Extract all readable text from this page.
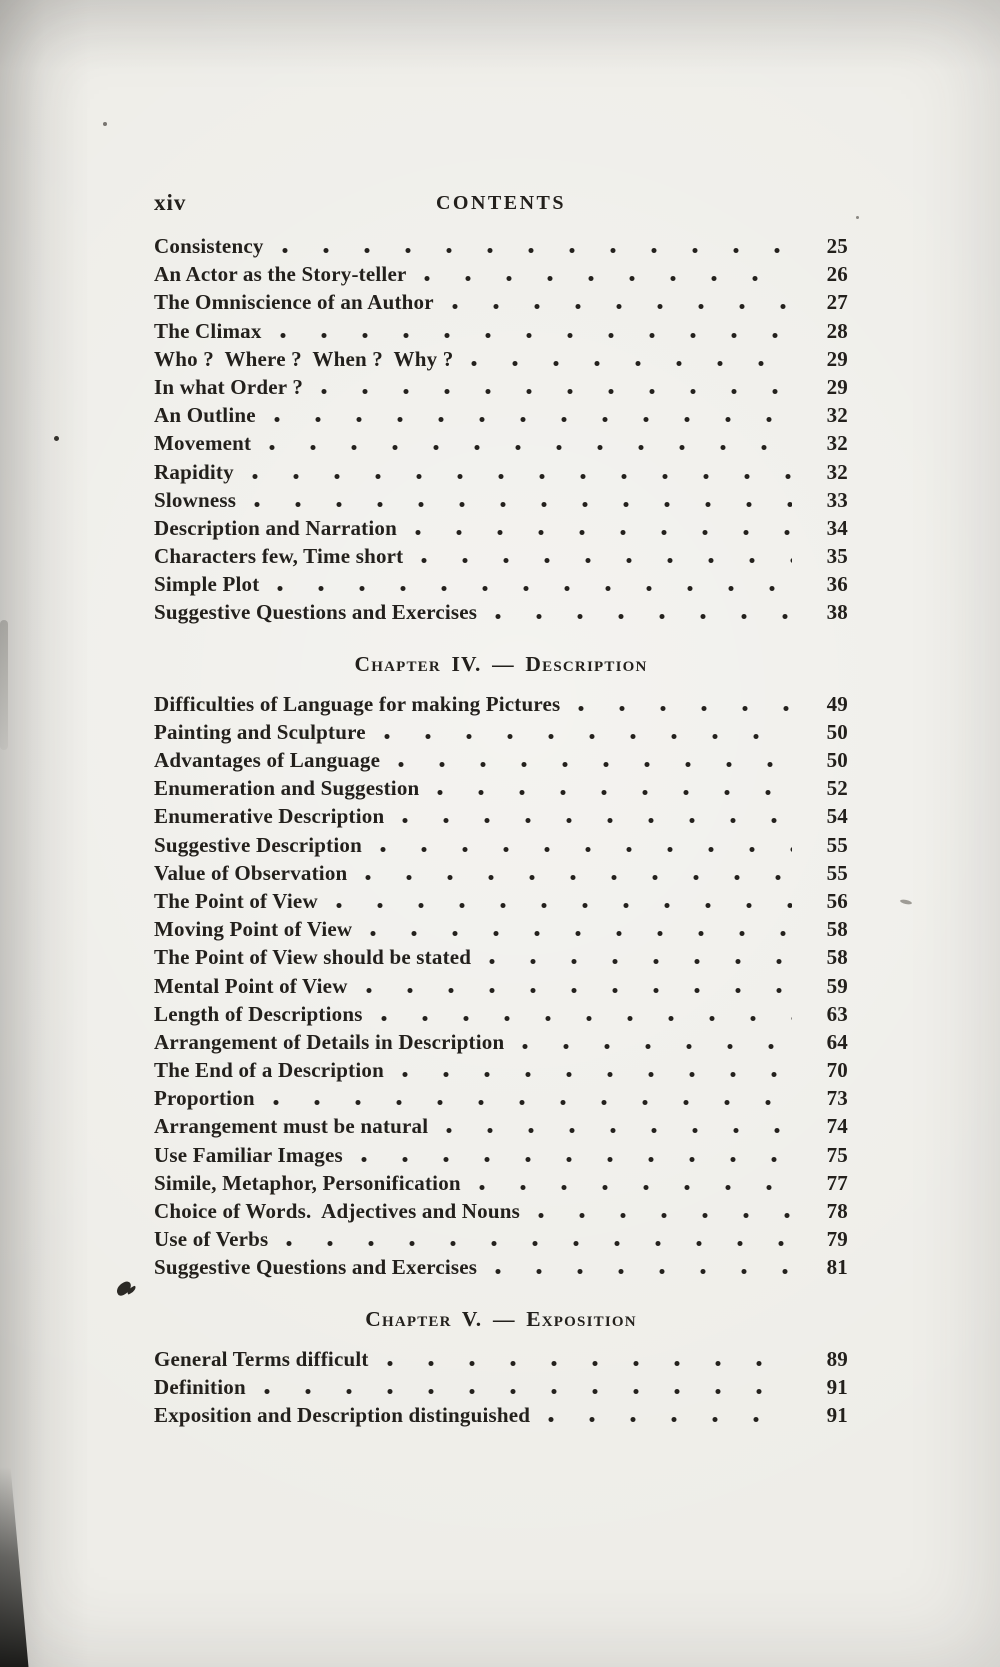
xiv	CONTENTS
Consistency	25
An Actor as the Story-teller	26
The Omniscience of an Author	27
The Climax	28
Who ?  Where ?  When ?  Why ?	29
In what Order ?	29
An Outline	32
Movement	32
Rapidity	32
Slowness	33
Description and Narration	34
Characters few, Time short	35
Simple Plot	36
Suggestive Questions and Exercises	38
Chapter IV. — Description
Difficulties of Language for making Pictures	49
Painting and Sculpture	50
Advantages of Language	50
Enumeration and Suggestion	52
Enumerative Description	54
Suggestive Description	55
Value of Observation	55
The Point of View	56
Moving Point of View	58
The Point of View should be stated	58
Mental Point of View	59
Length of Descriptions	63
Arrangement of Details in Description	64
The End of a Description	70
Proportion	73
Arrangement must be natural	74
Use Familiar Images	75
Simile, Metaphor, Personification	77
Choice of Words.  Adjectives and Nouns	78
Use of Verbs	79
Suggestive Questions and Exercises	81
Chapter V. — Exposition
General Terms difficult	89
Definition	91
Exposition and Description distinguished	91
